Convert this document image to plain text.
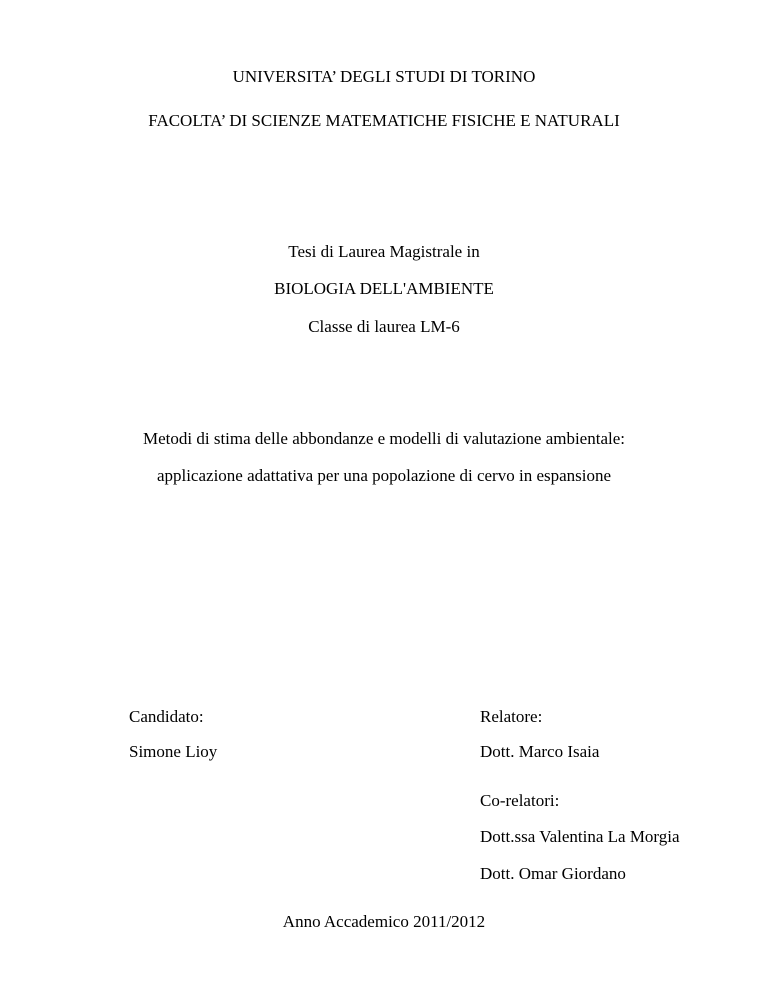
UNIVERSITA’ DEGLI STUDI DI TORINO
FACOLTA’ DI SCIENZE MATEMATICHE FISICHE E NATURALI
Tesi di Laurea Magistrale in
BIOLOGIA DELL'AMBIENTE
Classe di laurea LM-6
Metodi di stima delle abbondanze e modelli di valutazione ambientale:
applicazione adattativa per una popolazione di cervo in espansione
Candidato:
Simone Lioy
Relatore:
Dott. Marco Isaia
Co-relatori:
Dott.ssa Valentina La Morgia
Dott. Omar Giordano
Anno Accademico 2011/2012
